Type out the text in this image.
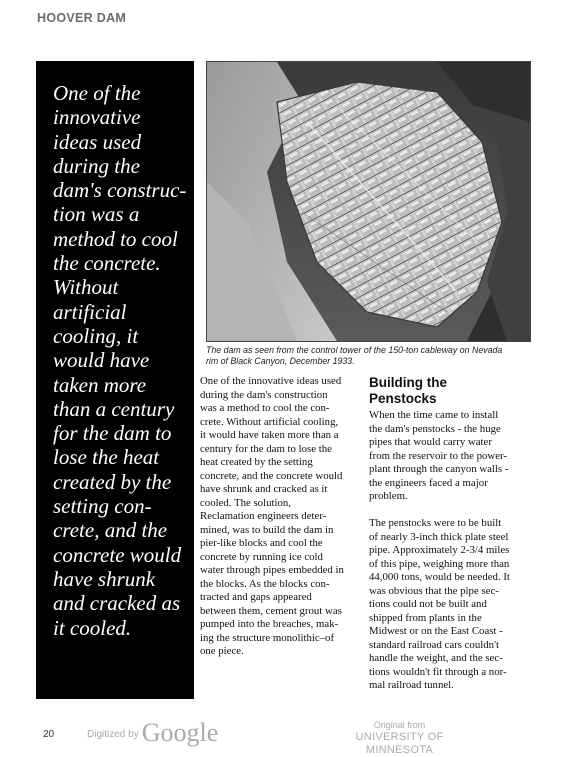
HOOVER DAM

One of the
innovative
ideas used
during the
dam's construc-
tion was a
method to cool
the concrete.
Without
artificial
cooling, it
would have
taken more
than a century
for the dam to
lose the heat
created by the
setting con-
crete, and the
concrete would
have shrunk
and cracked as
it cooled.

The dam as seen from the control tower of the 150-ton cableway on Nevada
rim of Black Canyon, December 1933.

One of the innovative ideas used
during the dam's construction
was a method to cool the con-
crete. Without artificial cooling,
it would have taken more than a
century for the dam to lose the
heat created by the setting
concrete, and the concrete would
have shrunk and cracked as it
cooled. The solution,
Reclamation engineers deter-
mined, was to build the dam in
pier-like blocks and cool the
concrete by running ice cold
water through pipes embedded in
the blocks. As the blocks con-
tracted and gaps appeared
between them, cement grout was
pumped into the breaches, mak-
ing the structure monolithic–of
one piece.

Building the
Penstocks

When the time came to install
the dam's penstocks - the huge
pipes that would carry water
from the reservoir to the power-
plant through the canyon walls -
the engineers faced a major
problem.

The penstocks were to be built
of nearly 3-inch thick plate steel
pipe. Approximately 2-3/4 miles
of this pipe, weighing more than
44,000 tons, would be needed. It
was obvious that the pipe sec-
tions could not be built and
shipped from plants in the
Midwest or on the East Coast -
standard railroad cars couldn't
handle the weight, and the sec-
tions wouldn't fit through a nor-
mal railroad tunnel.

20	$^{Digitized by}$ Google	Original from
UNIVERSITY OF MINNESOTA
